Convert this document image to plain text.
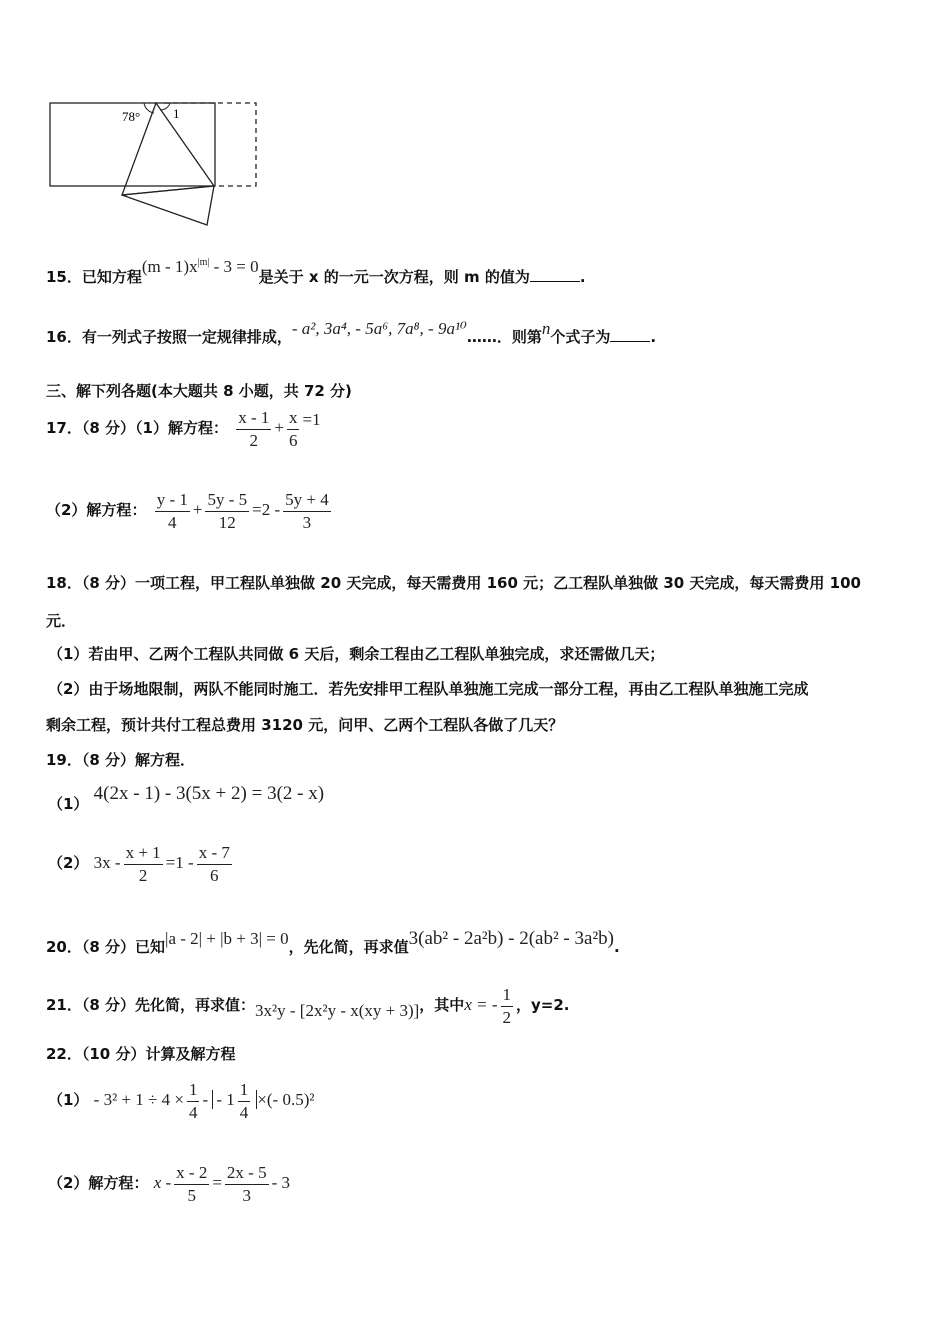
78°	1
15．已知方程$(m - 1)x^{|m|} - 3 = 0$是关于 x 的一元一次方程，则 m 的值为	.
16．有一列式子按照一定规律排成，- a², 3a⁴, - 5a⁶, 7a⁸, - 9a¹⁰……．则第n个式子为	.
三、解下列各题(本大题共 8 小题，共 72 分)
17．（8 分）（1）解方程： $\frac{x - 1}{2} + \frac{x}{6} =1$
（2）解方程： $\frac{y - 1}{4} + \frac{5y - 5}{12} =2 - \frac{5y + 4}{3}$
18．（8 分）一项工程，甲工程队单独做 20 天完成，每天需费用 160 元；乙工程队单独做 30 天完成，每天需费用 100
元．
（1）若由甲、乙两个工程队共同做 6 天后，剩余工程由乙工程队单独完成，求还需做几天；
（2）由于场地限制，两队不能同时施工．若先安排甲工程队单独施工完成一部分工程，再由乙工程队单独施工完成
剩余工程，预计共付工程总费用 3120 元，问甲、乙两个工程队各做了几天？
19．（8 分）解方程．
（1） 4(2x - 1) - 3(5x + 2) = 3(2 - x)
（2） $3x - \frac{x + 1}{2} =1 - \frac{x - 7}{6}$
20．（8 分）已知|a - 2| + |b + 3| = 0，先化简，再求值3(ab² - 2a²b) - 2(ab² - 3a²b).
21．（8 分）先化简，再求值：3x²y - [2x²y - x(xy + 3)]，其中x = - $\frac{1}{2}$ ，y=2.
22．（10 分）计算及解方程
$(1) - 3^2 + 1 \div 4 \times \frac{1}{4}$ - - $1 \frac{1}{4}$ ×(- 0.5)²
（2）解方程： $x - \frac{x - 2}{5} = \frac{2x - 5}{3} - 3$
